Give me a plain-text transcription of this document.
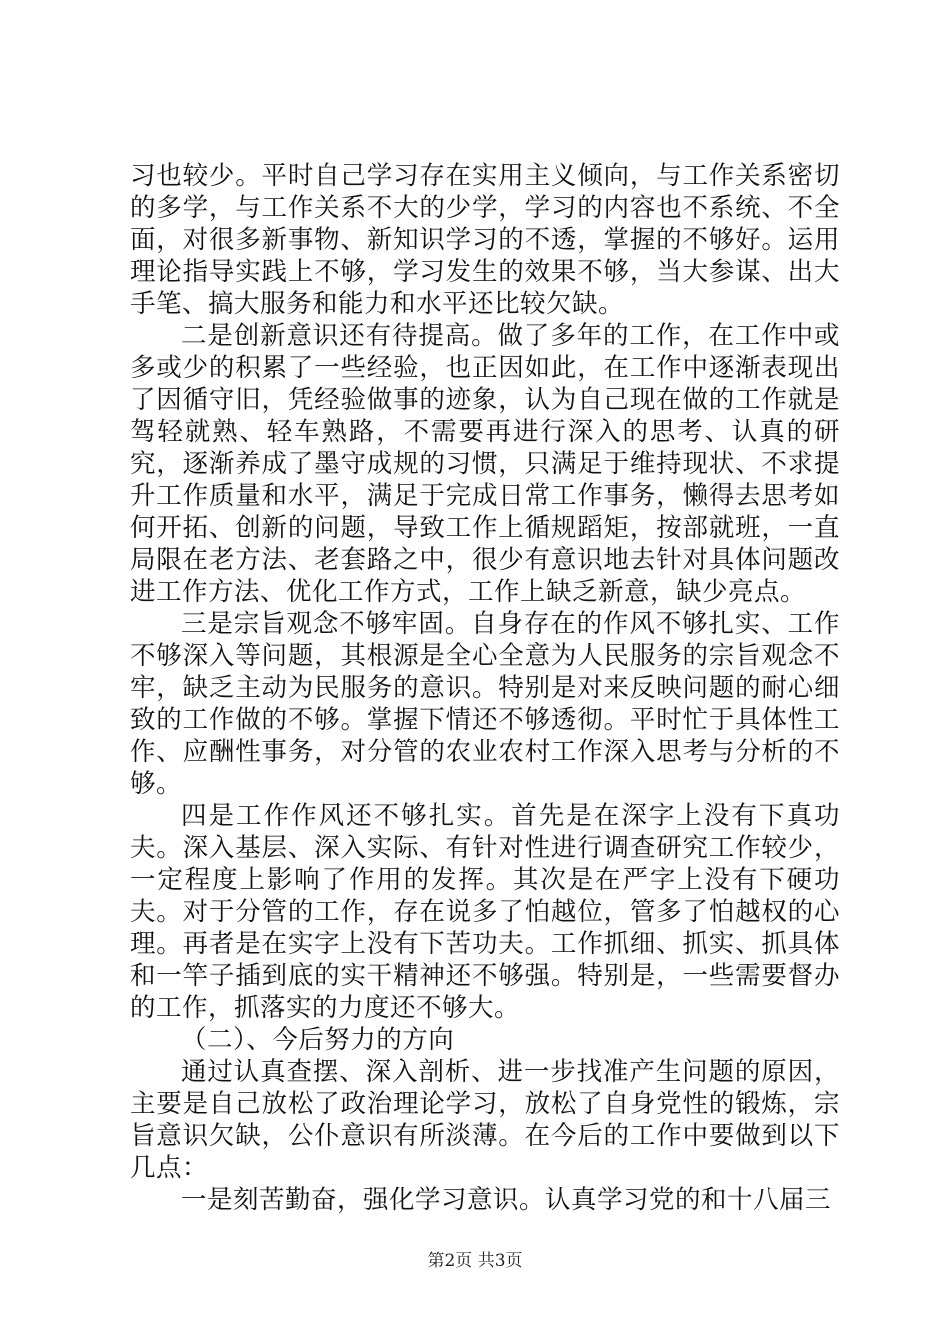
习也较少。平时自己学习存在实用主义倾向，与工作关系密切的多学，与工作关系不大的少学，学习的内容也不系统、不全面，对很多新事物、新知识学习的不透，掌握的不够好。运用理论指导实践上不够，学习发生的效果不够，当大参谋、出大手笔、搞大服务和能力和水平还比较欠缺。

二是创新意识还有待提高。做了多年的工作，在工作中或多或少的积累了一些经验，也正因如此，在工作中逐渐表现出了因循守旧，凭经验做事的迹象，认为自己现在做的工作就是驾轻就熟、轻车熟路，不需要再进行深入的思考、认真的研究，逐渐养成了墨守成规的习惯，只满足于维持现状、不求提升工作质量和水平，满足于完成日常工作事务，懒得去思考如何开拓、创新的问题，导致工作上循规蹈矩，按部就班，一直局限在老方法、老套路之中，很少有意识地去针对具体问题改进工作方法、优化工作方式，工作上缺乏新意，缺少亮点。

三是宗旨观念不够牢固。自身存在的作风不够扎实、工作不够深入等问题，其根源是全心全意为人民服务的宗旨观念不牢，缺乏主动为民服务的意识。特别是对来反映问题的耐心细致的工作做的不够。掌握下情还不够透彻。平时忙于具体性工作、应酬性事务，对分管的农业农村工作深入思考与分析的不够。

四是工作作风还不够扎实。首先是在深字上没有下真功夫。深入基层、深入实际、有针对性进行调查研究工作较少，一定程度上影响了作用的发挥。其次是在严字上没有下硬功夫。对于分管的工作，存在说多了怕越位，管多了怕越权的心理。再者是在实字上没有下苦功夫。工作抓细、抓实、抓具体和一竿子插到底的实干精神还不够强。特别是，一些需要督办的工作，抓落实的力度还不够大。

（二）、今后努力的方向

通过认真查摆、深入剖析、进一步找准产生问题的原因，主要是自己放松了政治理论学习，放松了自身党性的锻炼，宗旨意识欠缺，公仆意识有所淡薄。在今后的工作中要做到以下几点：

一是刻苦勤奋，强化学习意识。认真学习党的和十八届三

第2页 共3页
